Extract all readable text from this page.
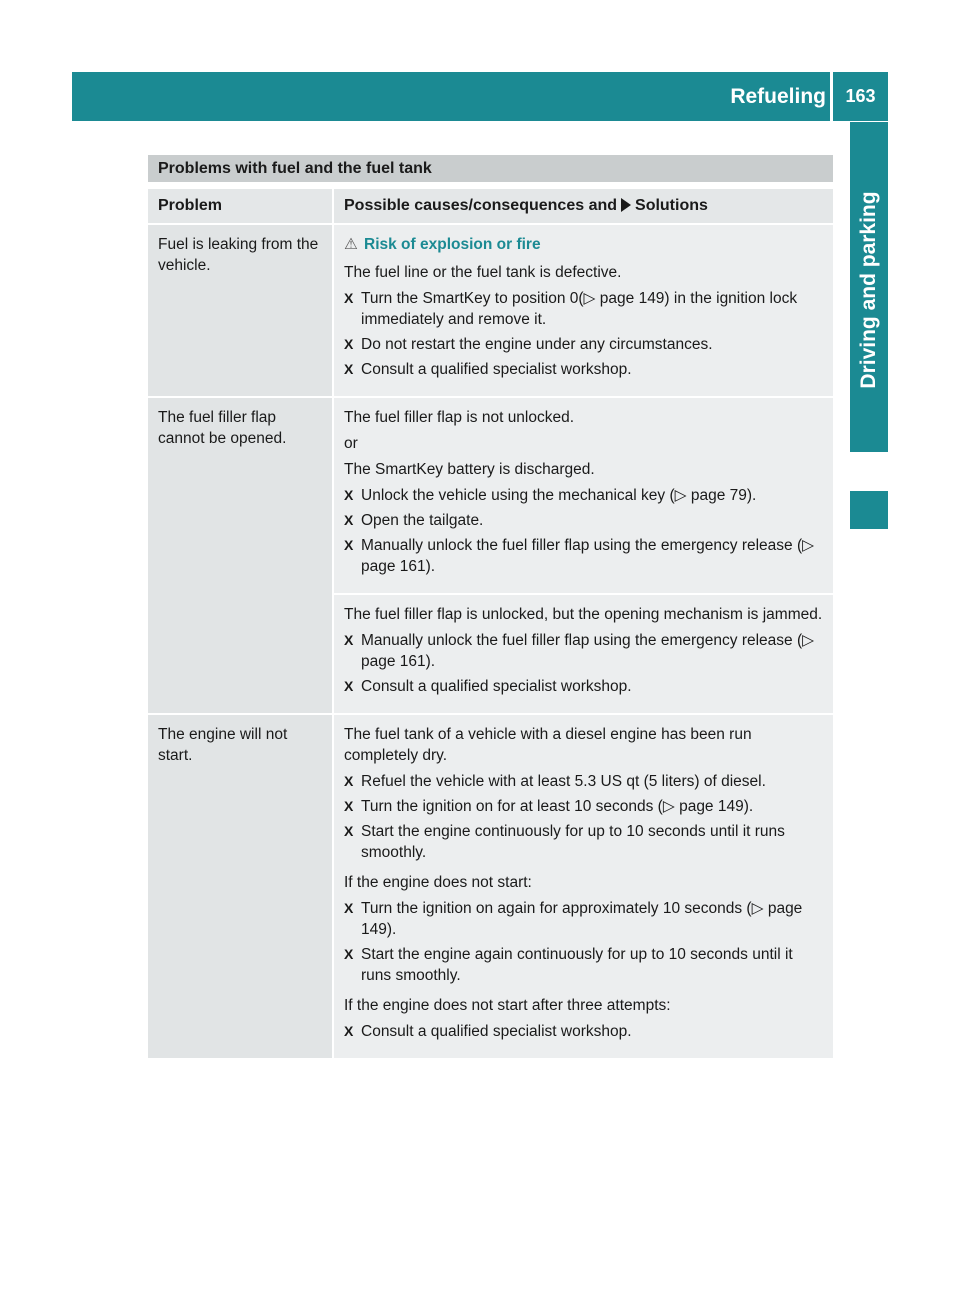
Refueling	163
Driving and parking
Problems with fuel and the fuel tank
Problem	Possible causes/consequences and Solutions
Fuel is leaking from the vehicle.
⚠ Risk of explosion or fire
The fuel line or the fuel tank is defective.
X Turn the SmartKey to position 0(▷ page 149) in the ignition lock immediately and remove it.
X Do not restart the engine under any circumstances.
X Consult a qualified specialist workshop.
The fuel filler flap cannot be opened.
The fuel filler flap is not unlocked.
or
The SmartKey battery is discharged.
X Unlock the vehicle using the mechanical key (▷ page 79).
X Open the tailgate.
X Manually unlock the fuel filler flap using the emergency release (▷ page 161).
The fuel filler flap is unlocked, but the opening mechanism is jammed.
X Manually unlock the fuel filler flap using the emergency release (▷ page 161).
X Consult a qualified specialist workshop.
The engine will not start.
The fuel tank of a vehicle with a diesel engine has been run completely dry.
X Refuel the vehicle with at least 5.3 US qt (5 liters) of diesel.
X Turn the ignition on for at least 10 seconds (▷ page 149).
X Start the engine continuously for up to 10 seconds until it runs smoothly.
If the engine does not start:
X Turn the ignition on again for approximately 10 seconds (▷ page 149).
X Start the engine again continuously for up to 10 seconds until it runs smoothly.
If the engine does not start after three attempts:
X Consult a qualified specialist workshop.
